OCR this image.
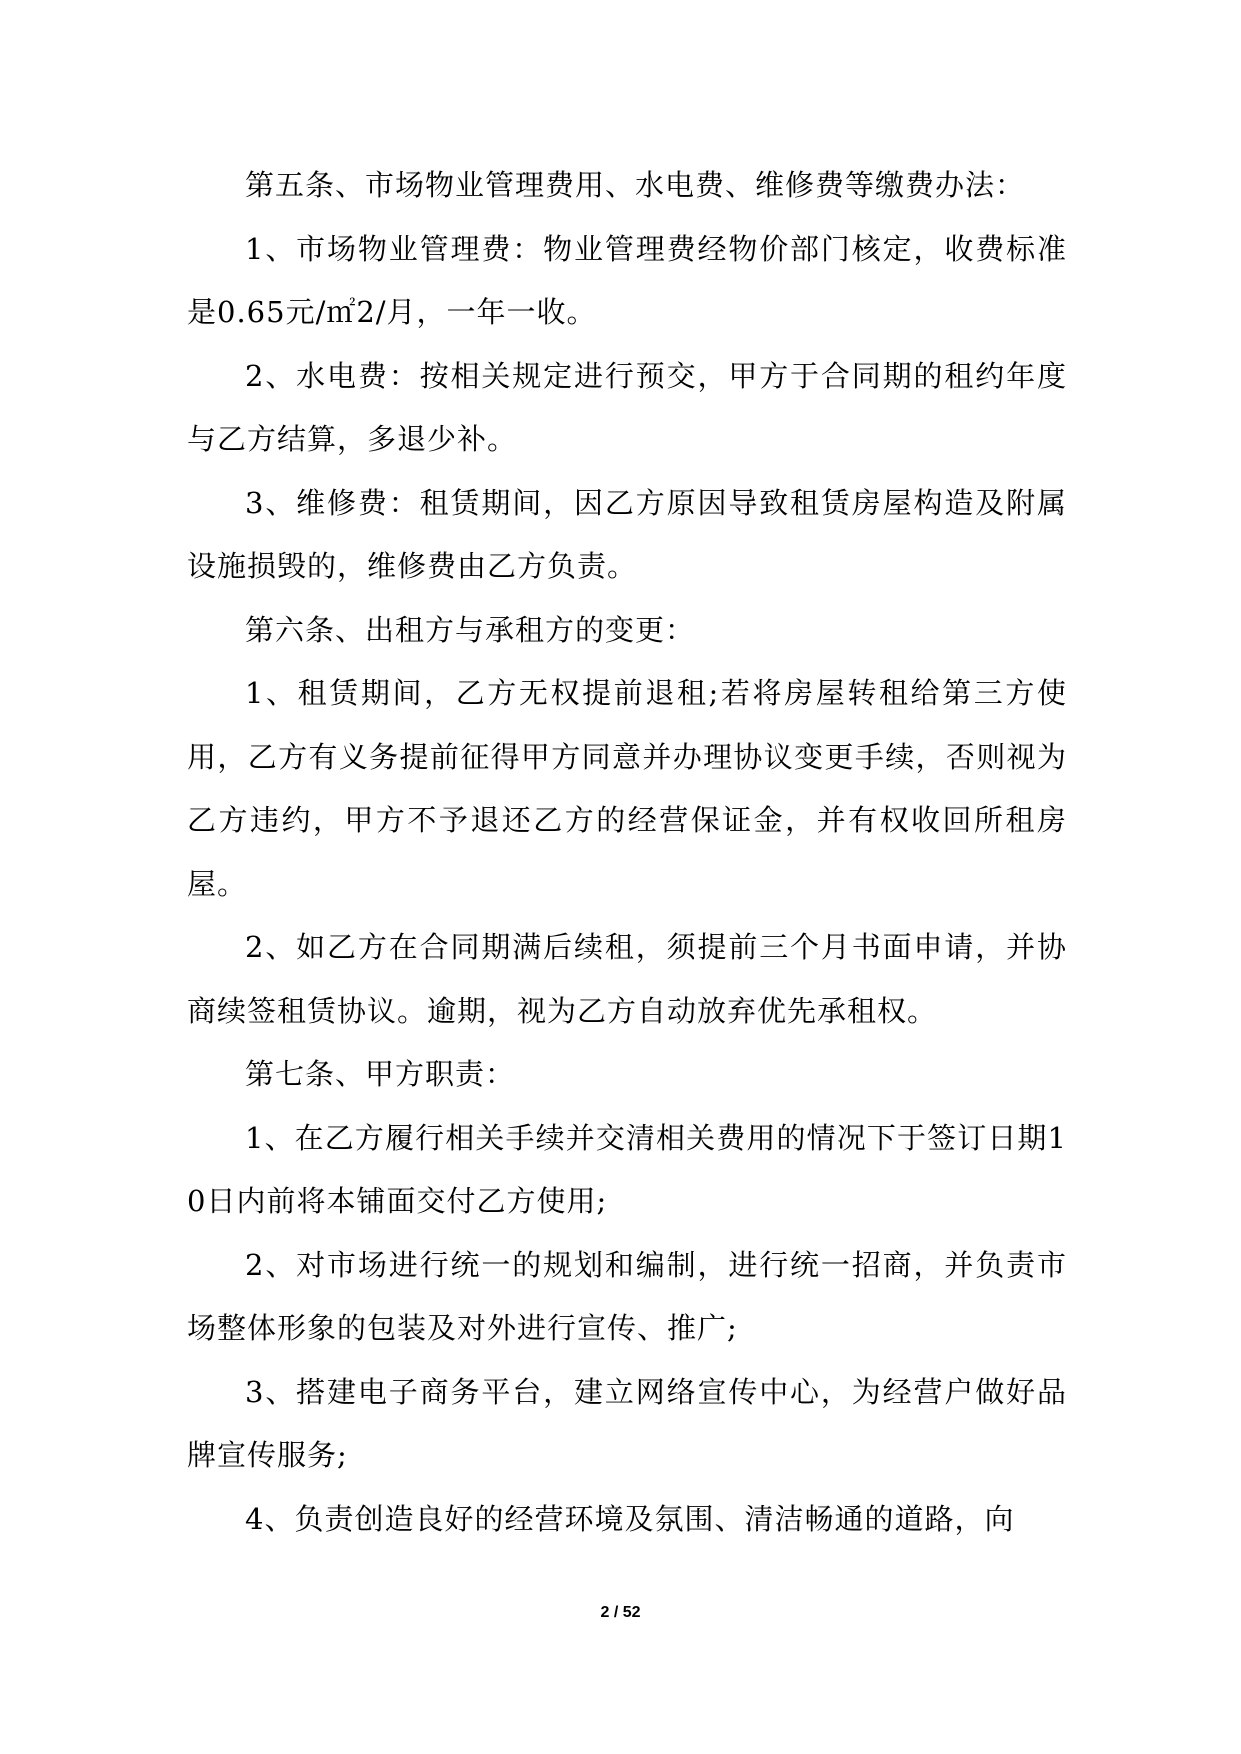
第五条、市场物业管理费用、水电费、维修费等缴费办法：

1、市场物业管理费：物业管理费经物价部门核定，收费标准是0.65元/㎡2/月，一年一收。

2、水电费：按相关规定进行预交，甲方于合同期的租约年度与乙方结算，多退少补。

3、维修费：租赁期间，因乙方原因导致租赁房屋构造及附属设施损毁的，维修费由乙方负责。

第六条、出租方与承租方的变更：

1、租赁期间，乙方无权提前退租;若将房屋转租给第三方使用，乙方有义务提前征得甲方同意并办理协议变更手续，否则视为乙方违约，甲方不予退还乙方的经营保证金，并有权收回所租房屋。

2、如乙方在合同期满后续租，须提前三个月书面申请，并协商续签租赁协议。逾期，视为乙方自动放弃优先承租权。

第七条、甲方职责：

1、在乙方履行相关手续并交清相关费用的情况下于签订日期10日内前将本铺面交付乙方使用;

2、对市场进行统一的规划和编制，进行统一招商，并负责市场整体形象的包装及对外进行宣传、推广;

3、搭建电子商务平台，建立网络宣传中心，为经营户做好品牌宣传服务;

4、负责创造良好的经营环境及氛围、清洁畅通的道路，向

2 / 52
